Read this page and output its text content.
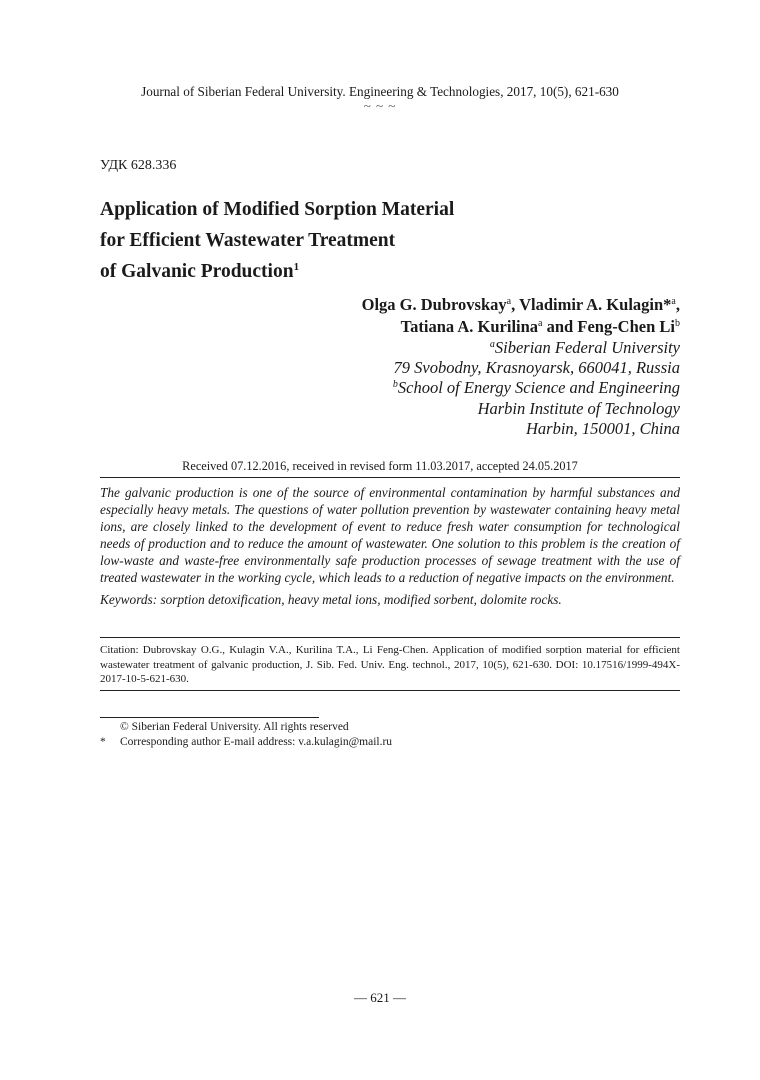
Journal of Siberian Federal University. Engineering & Technologies, 2017, 10(5), 621-630
~ ~ ~
УДК 628.336
Application of Modified Sorption Material
for Efficient Wastewater Treatment
of Galvanic Production$^1$
Olga G. Dubrovskay$^a$, Vladimir A. Kulagin*$^a$,
Tatiana A. Kurilina$^a$ and Feng-Chen Li$^b$
$^a$Siberian Federal University
79 Svobodny, Krasnoyarsk, 660041, Russia
$^b$School of Energy Science and Engineering
Harbin Institute of Technology
Harbin, 150001, China
Received 07.12.2016, received in revised form 11.03.2017, accepted 24.05.2017

The galvanic production is one of the source of environmental contamination by harmful substances and especially heavy metals. The questions of water pollution prevention by wastewater containing heavy metal ions, are closely linked to the development of event to reduce fresh water consumption for technological needs of production and to reduce the amount of wastewater. One solution to this problem is the creation of low-waste and waste-free environmentally safe production processes of sewage treatment with the use of treated wastewater in the working cycle, which leads to a reduction of negative impacts on the environment.

Keywords: sorption detoxification, heavy metal ions, modified sorbent, dolomite rocks.

Citation: Dubrovskay O.G., Kulagin V.A., Kurilina T.A., Li Feng-Chen. Application of modified sorption material for efficient wastewater treatment of galvanic production, J. Sib. Fed. Univ. Eng. technol., 2017, 10(5), 621-630. DOI: 10.17516/1999-494X-2017-10-5-621-630.
© Siberian Federal University. All rights reserved
* Corresponding author E-mail address: v.a.kulagin@mail.ru
— 621 —
